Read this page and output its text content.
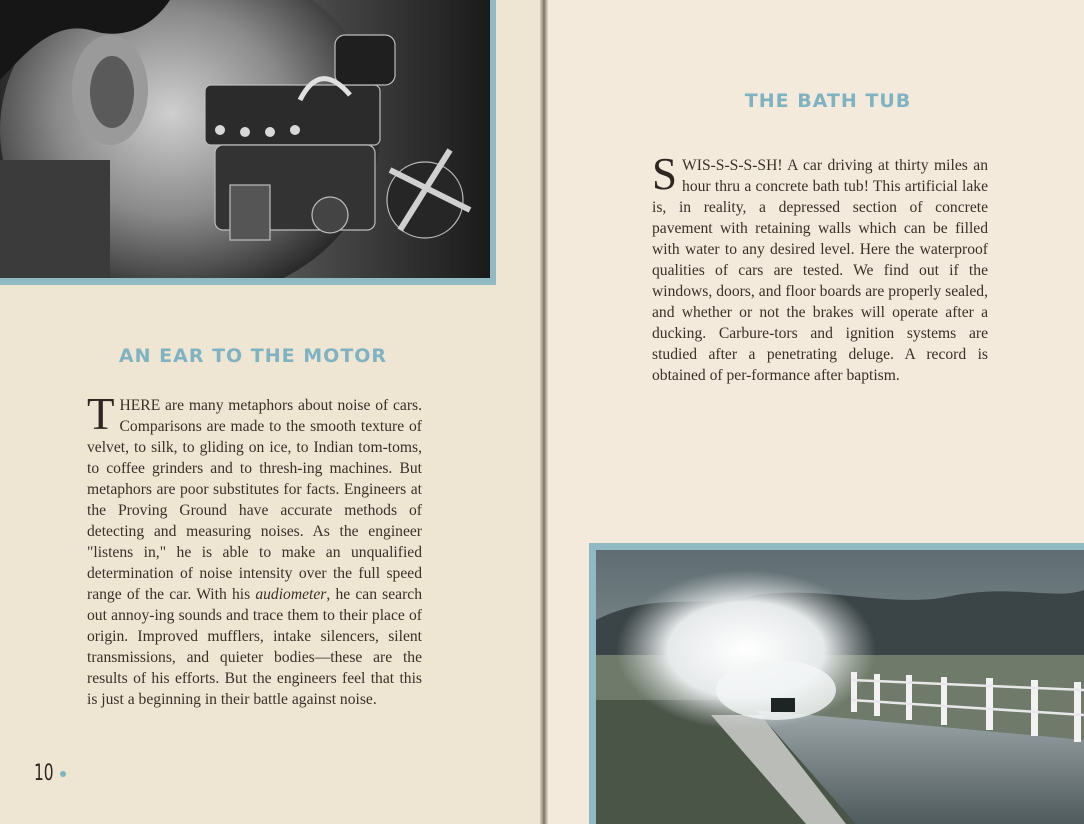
AN EAR TO THE MOTOR
THERE are many metaphors about noise of cars. Comparisons are made to the smooth texture of velvet, to silk, to gliding on ice, to Indian tom-toms, to coffee grinders and to thresh-ing machines. But metaphors are poor substitutes for facts. Engineers at the Proving Ground have accurate methods of detecting and measuring noises. As the engineer "listens in," he is able to make an unqualified determination of noise intensity over the full speed range of the car. With his audiometer, he can search out annoy-ing sounds and trace them to their place of origin. Improved mufflers, intake silencers, silent transmissions, and quieter bodies—these are the results of his efforts. But the engineers feel that this is just a beginning in their battle against noise.
10
THE BATH TUB
SWIS-S-S-S-SH! A car driving at thirty miles an hour thru a concrete bath tub! This artificial lake is, in reality, a depressed section of concrete pavement with retaining walls which can be filled with water to any desired level. Here the waterproof qualities of cars are tested. We find out if the windows, doors, and floor boards are properly sealed, and whether or not the brakes will operate after a ducking. Carbure-tors and ignition systems are studied after a penetrating deluge. A record is obtained of per-formance after baptism.
